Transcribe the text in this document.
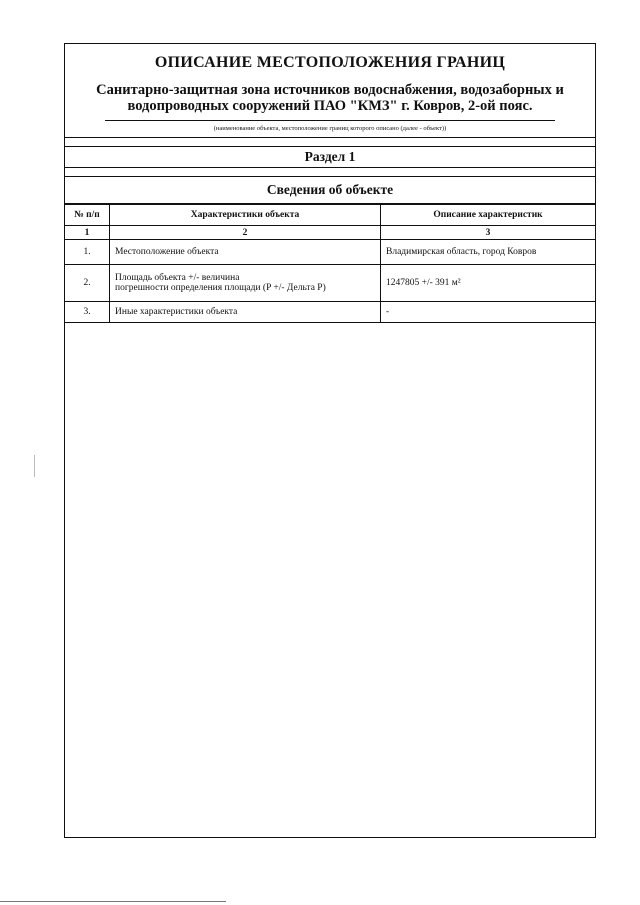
ОПИСАНИЕ МЕСТОПОЛОЖЕНИЯ ГРАНИЦ
Санитарно-защитная зона источников водоснабжения, водозаборных и водопроводных сооружений ПАО "КМЗ" г. Ковров, 2-ой пояс.
(наименование объекта, местоположение границ которого описано (далее - объект))
Раздел 1
Сведения об объекте
№ п/п	Характеристики объекта	Описание характеристик
1	2	3
1.	Местоположение объекта	Владимирская область, город Ковров
2.	Площадь объекта +/- величина
погрешности определения площади (P +/- Дельта P)	1247805 +/- 391 м²
3.	Иные характеристики объекта	-
